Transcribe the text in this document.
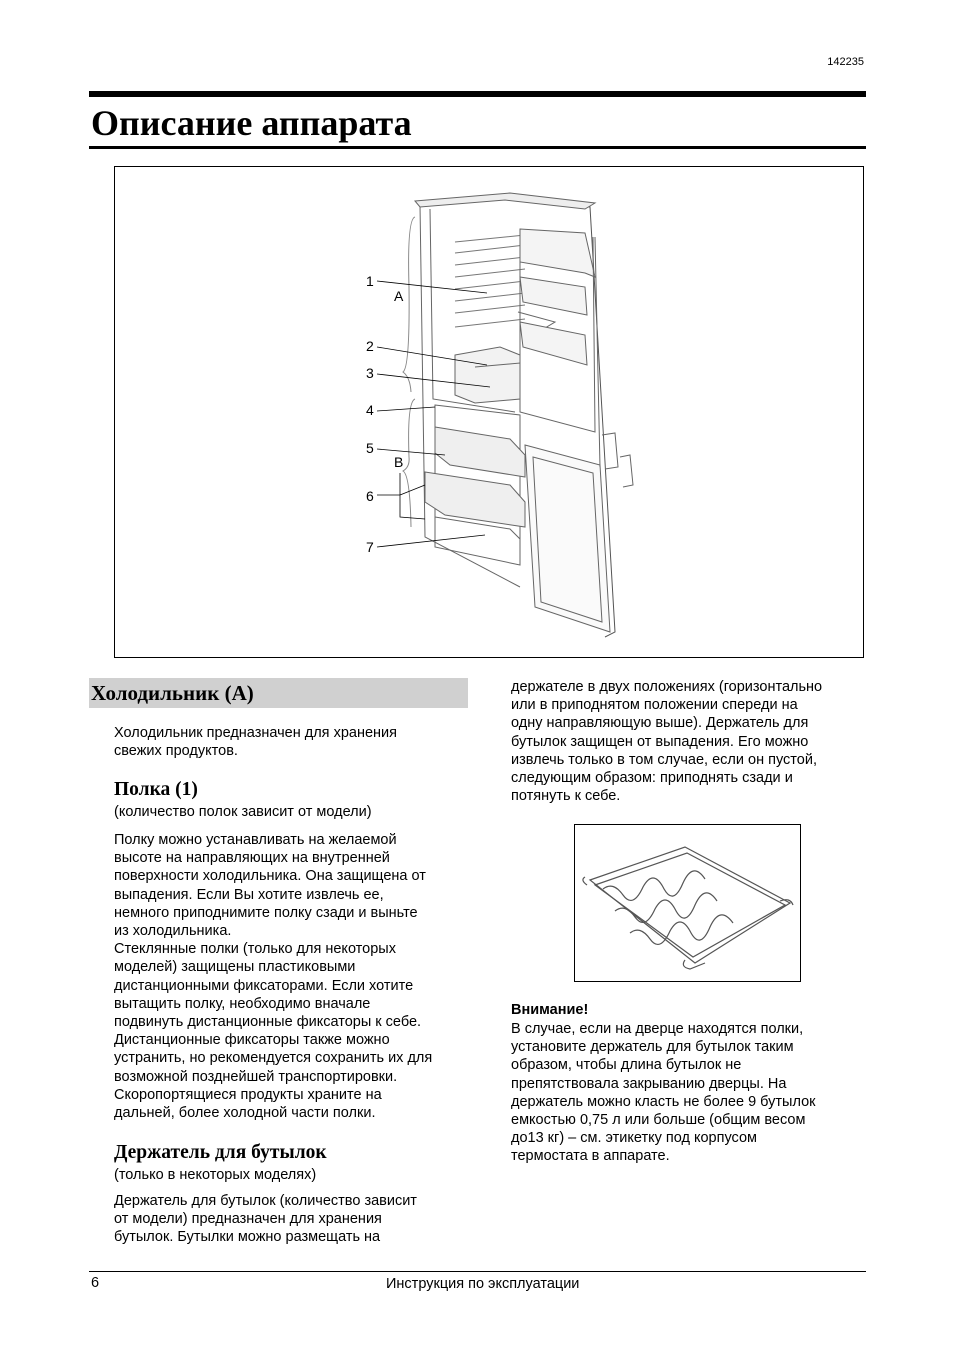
142235
Описание аппарата
1
A
2
3
4
5
B
6
7
Холодильник (A)

Холодильник предназначен для хранения
свежих продуктов.

Полка (1)

(количество полок зависит от модели)

Полку можно устанавливать на желаемой
высоте на направляющих на внутренней
поверхности холодильника. Она защищена от
выпадения. Если Вы хотите извлечь ее,
немного приподнимите полку сзади и выньте
из холодильника.
Стеклянные полки (только для некоторых
моделей) защищены пластиковыми
дистанционными фиксаторами. Если хотите
вытащить полку, необходимо вначале
подвинуть дистанционные фиксаторы к себе.
Дистанционные фиксаторы также можно
устранить, но рекомендуется сохранить их для
возможной позднейшей транспортировки.
Скоропортящиеся продукты храните на
дальней, более холодной части полки.

Держатель для бутылок

(только в некоторых моделях)

Держатель для бутылок (количество зависит
от модели) предназначен для хранения
бутылок. Бутылки можно размещать на

держателе в двух положениях (горизонтально
или в приподнятом положении спереди на
одну направляющую выше). Держатель для
бутылок защищен от выпадения. Его можно
извлечь только в том случае, если он пустой,
следующим образом: приподнять сзади и
потянуть к себе.

Внимание!

В случае, если на дверце находятся полки,
установите держатель для бутылок таким
образом, чтобы длина бутылок не
препятствовала закрыванию дверцы. На
держатель можно класть не более 9 бутылок
емкостью 0,75 л или больше (общим весом
до13 кг) – см. этикетку под корпусом
термостата в аппарате.

6	Инструкция по эксплуатации
